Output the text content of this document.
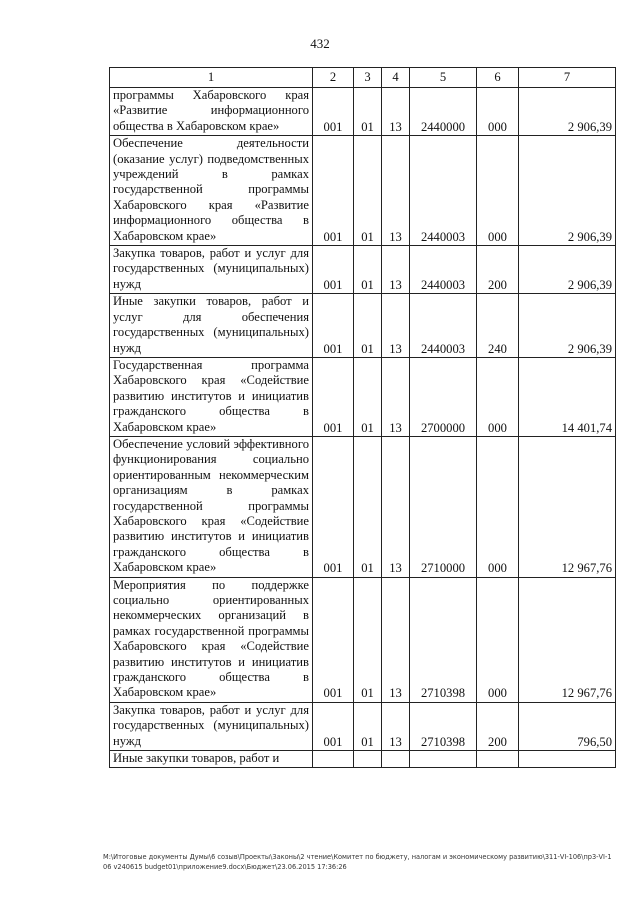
432
1	2	3	4	5	6	7
программы Хабаровского края «Развитие информационного общества в Хабаровском крае»	001	01	13	2440000	000	2 906,39
Обеспечение деятельности (оказание услуг) подведомственных учреждений в рамках государственной программы Хабаровского края «Развитие информационного общества в Хабаровском крае»	001	01	13	2440003	000	2 906,39
Закупка товаров, работ и услуг для государственных (муниципальных) нужд	001	01	13	2440003	200	2 906,39
Иные закупки товаров, работ и услуг для обеспечения государственных (муниципальных) нужд	001	01	13	2440003	240	2 906,39
Государственная программа Хабаровского края «Содействие развитию институтов и инициатив гражданского общества в Хабаровском крае»	001	01	13	2700000	000	14 401,74
Обеспечение условий эффективного функционирования социально ориентированным некоммерческим организациям в рамках государственной программы Хабаровского края «Содействие развитию институтов и инициатив гражданского общества в Хабаровском крае»	001	01	13	2710000	000	12 967,76
Мероприятия по поддержке социально ориентированных некоммерческих организаций в рамках государственной программы Хабаровского края «Содействие развитию институтов и инициатив гражданского общества в Хабаровском крае»	001	01	13	2710398	000	12 967,76
Закупка товаров, работ и услуг для государственных (муниципальных) нужд	001	01	13	2710398	200	796,50
Иные закупки товаров, работ и						
M:\Итоговые документы Думы\6 созыв\Проекты\Законы\2 чтение\Комитет по бюджету, налогам и экономическому развитию\311-VI-106\пр3-VI-106 v240615 budget01\приложение9.docx\Бюджет\23.06.2015 17:36:26
